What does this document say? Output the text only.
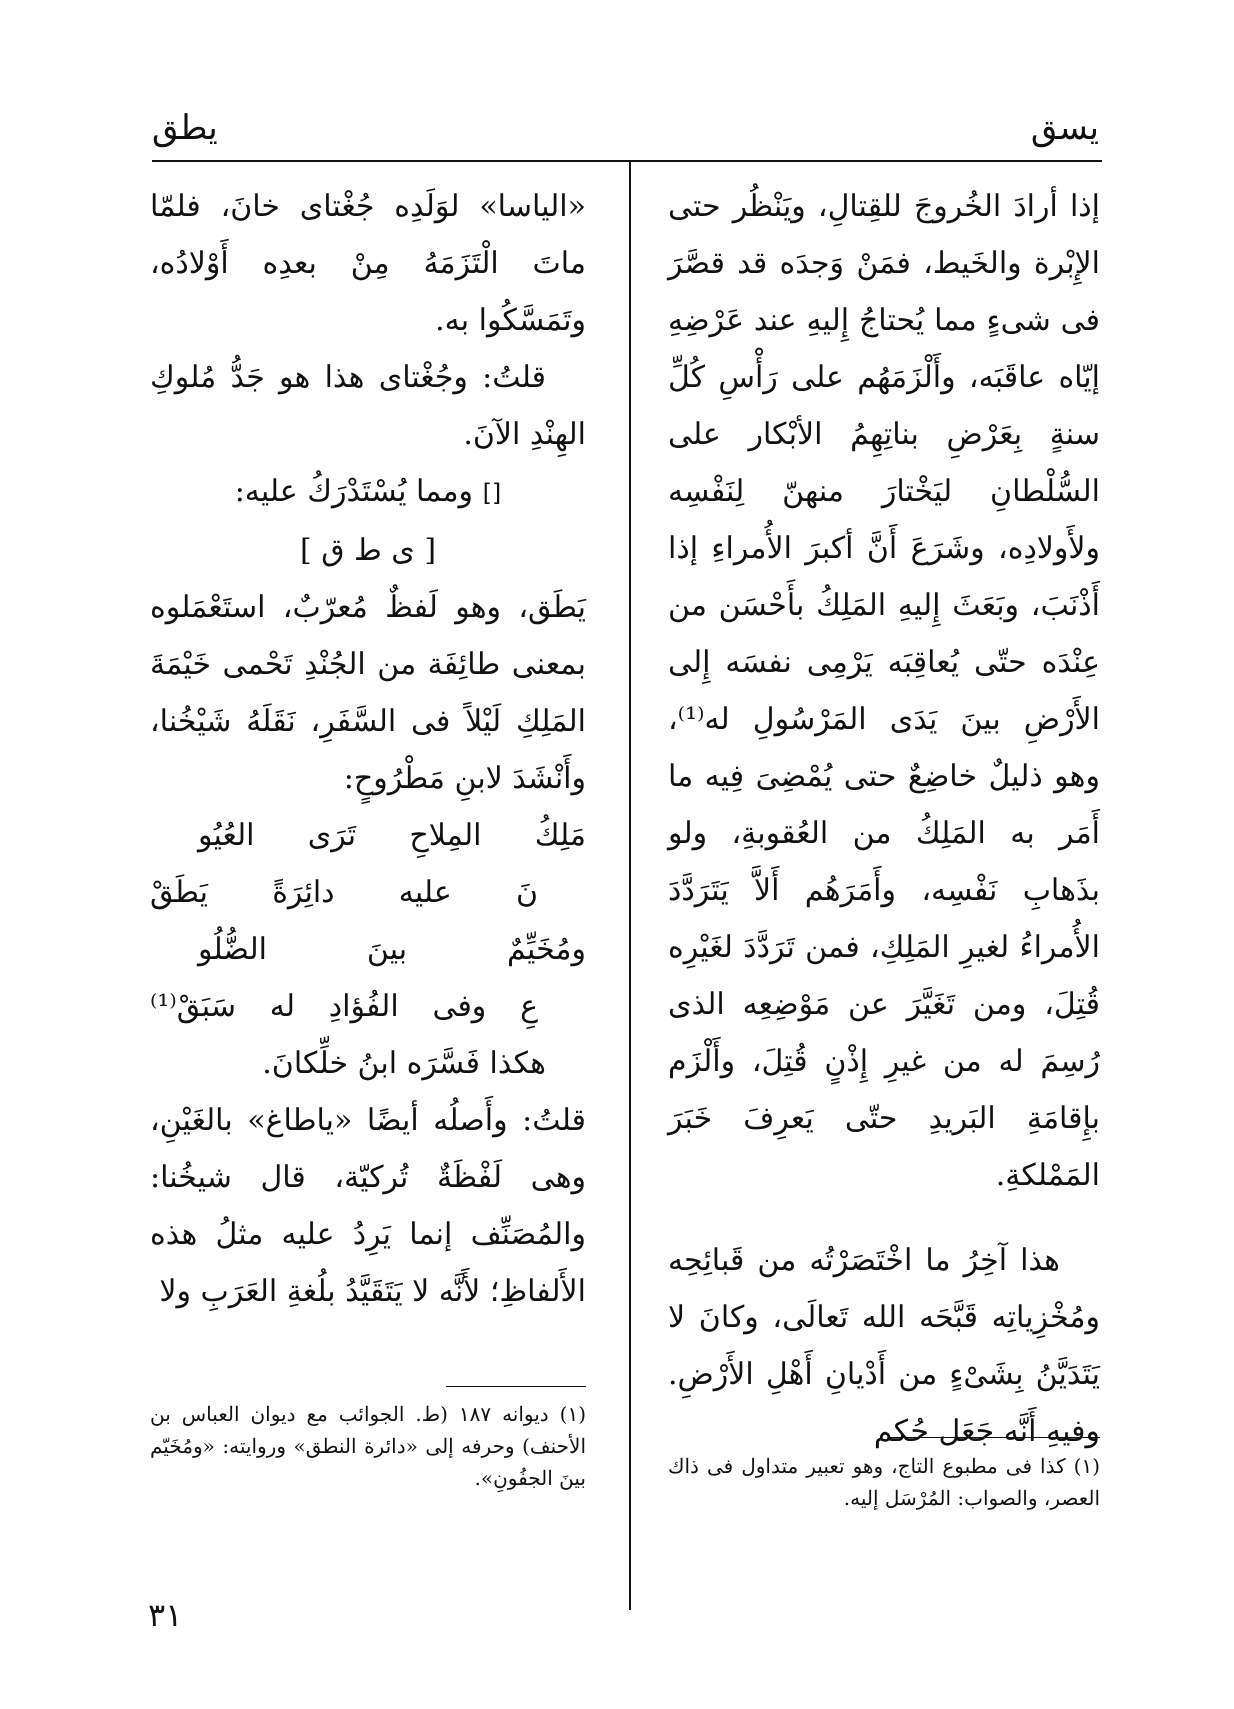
يسق
يطق

إذا أرادَ الخُروجَ للقِتالِ، ويَنْظُر حتى الإِبْرة والخَيط، فمَنْ وَجدَه قد قصَّرَ فى شىءٍ مما يُحتاجُ إِليهِ عند عَرْضِهِ إيّاه عاقَبَه، وأَلْزَمَهُم على رَأْسِ كُلِّ سنةٍ بِعَرْضِ بناتِهِمُ الأبْكار على السُّلْطانِ ليَخْتارَ منهنّ لِنَفْسِه ولأَولادِه، وشَرَعَ أَنَّ أكبرَ الأُمراءِ إذا أَذْنَبَ، وبَعَثَ إِليهِ المَلِكُ بأَحْسَن من عِنْدَه حتّى يُعاقِبَه يَرْمِى نفسَه إِلى الأَرْضِ بينَ يَدَى المَرْسُولِ له⁽¹⁾، وهو ذليلٌ خاضِعٌ حتى يُمْضِىَ فِيه ما أَمَر به المَلِكُ من العُقوبةِ، ولو بذَهابِ نَفْسِه، وأَمَرَهُم أَلاَّ يَتَرَدَّدَ الأُمراءُ لغيرِ المَلِكِ، فمن تَرَدَّدَ لغَيْرِه قُتِلَ، ومن تَغَيَّرَ عن مَوْضِعِه الذى رُسِمَ له من غيرِ إِذْنٍ قُتِلَ، وأَلْزَم بإِقامَةِ البَريدِ حتّى يَعرِفَ خَبَرَ المَمْلكةِ.

هذا آخِرُ ما اخْتَصَرْتُه من قَبائِحِه ومُخْزِياتِه قَبَّحَه الله تَعالَى، وكانَ لا يَتَدَيَّنُ بِشَىْءٍ من أَدْيانِ أَهْلِ الأَرْضِ. وفيهِ أَنَّه جَعَل حُكم

(١) كذا فى مطبوع التاج، وهو تعبير متداول فى ذاك العصر، والصواب: المُرْسَل إليه.

«الياسا» لوَلَدِه جُغْتاى خانَ، فلمّا ماتَ الْتَزَمَهُ مِنْ بعدِه أَوْلادُه، وتَمَسَّكُوا به.

قلتُ: وجُغْتاى هذا هو جَدُّ مُلوكِ الهِنْدِ الآنَ.

[] ومما يُسْتَدْرَكُ عليه:

[ ى ط ق ]

يَطَق، وهو لَفظٌ مُعرّبٌ، استَعْمَلوه بمعنى طائِفَة من الجُنْدِ تَحْمى خَيْمَةَ المَلِكِ لَيْلاً فى السَّفَرِ، نَقَلَهُ شَيْخُنا، وأَنْشَدَ لابنِ مَطْرُوحٍ:

مَلِكُ المِلاحِ تَرَى العُيُو

نَ عليه دائِرَةً يَطَقْ

ومُخَيِّمٌ بينَ الضُّلُو

عِ وفى الفُؤادِ له سَبَقْ⁽¹⁾

هكذا فَسَّرَه ابنُ خلِّكانَ.

قلتُ: وأَصلُه أيضًا «ياطاغ» بالغَيْنِ، وهى لَفْظَةٌ تُركيّة، قال شيخُنا: والمُصَنِّف إنما يَرِدُ عليه مثلُ هذه الأَلفاظِ؛ لأَنَّه لا يَتَقَيَّدُ بلُغةِ العَرَبِ ولا

(١) ديوانه ١٨٧ (ط. الجوائب مع ديوان العباس بن الأحنف) وحرفه إلى «دائرة النطق» وروايته: «ومُخَيّم بينَ الجفُونِ».
٣١
